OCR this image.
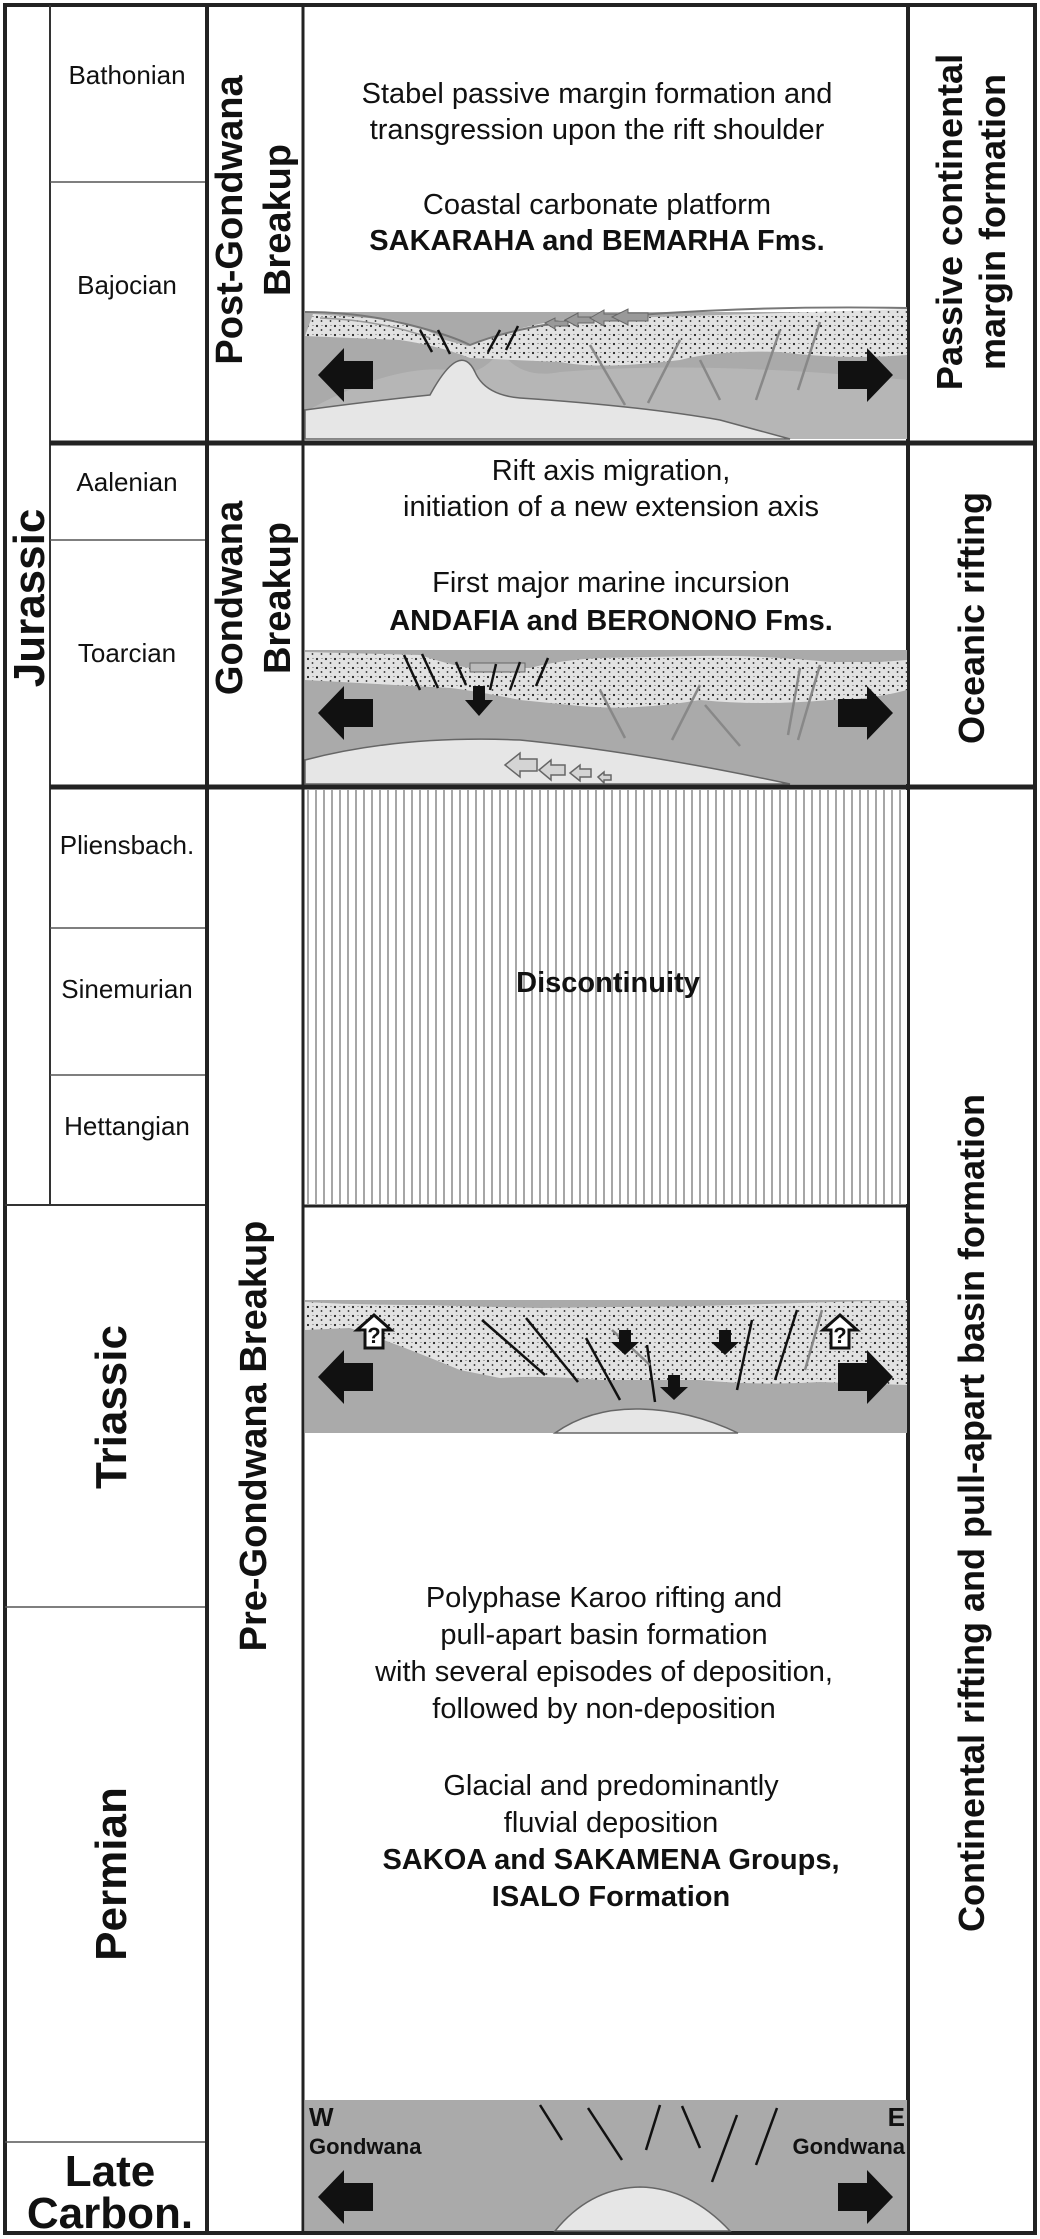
Bathonian
Bajocian
Aalenian
Toarcian
Pliensbach.
Sinemurian
Hettangian
Jurassic
Triassic
Permian
Late
Carbon.
Post-Gondwana Breakup
Gondwana Breakup
Pre-Gondwana Breakup
Passive continental margin formation
Oceanic rifting
Continental rifting and pull-apart basin formation
Stabel passive margin formation and
transgression upon the rift shoulder
Coastal carbonate platform
SAKARAHA and BEMARHA Fms.
Rift axis migration,
initiation of a new extension axis
First major marine incursion
ANDAFIA and BERONONO Fms.
Discontinuity
Polyphase Karoo rifting and
pull-apart basin formation
with several episodes of deposition,
followed by non-deposition
Glacial and predominantly
fluvial deposition
SAKOA and SAKAMENA Groups,
ISALO Formation
W
Gondwana
E
Gondwana
?	?
